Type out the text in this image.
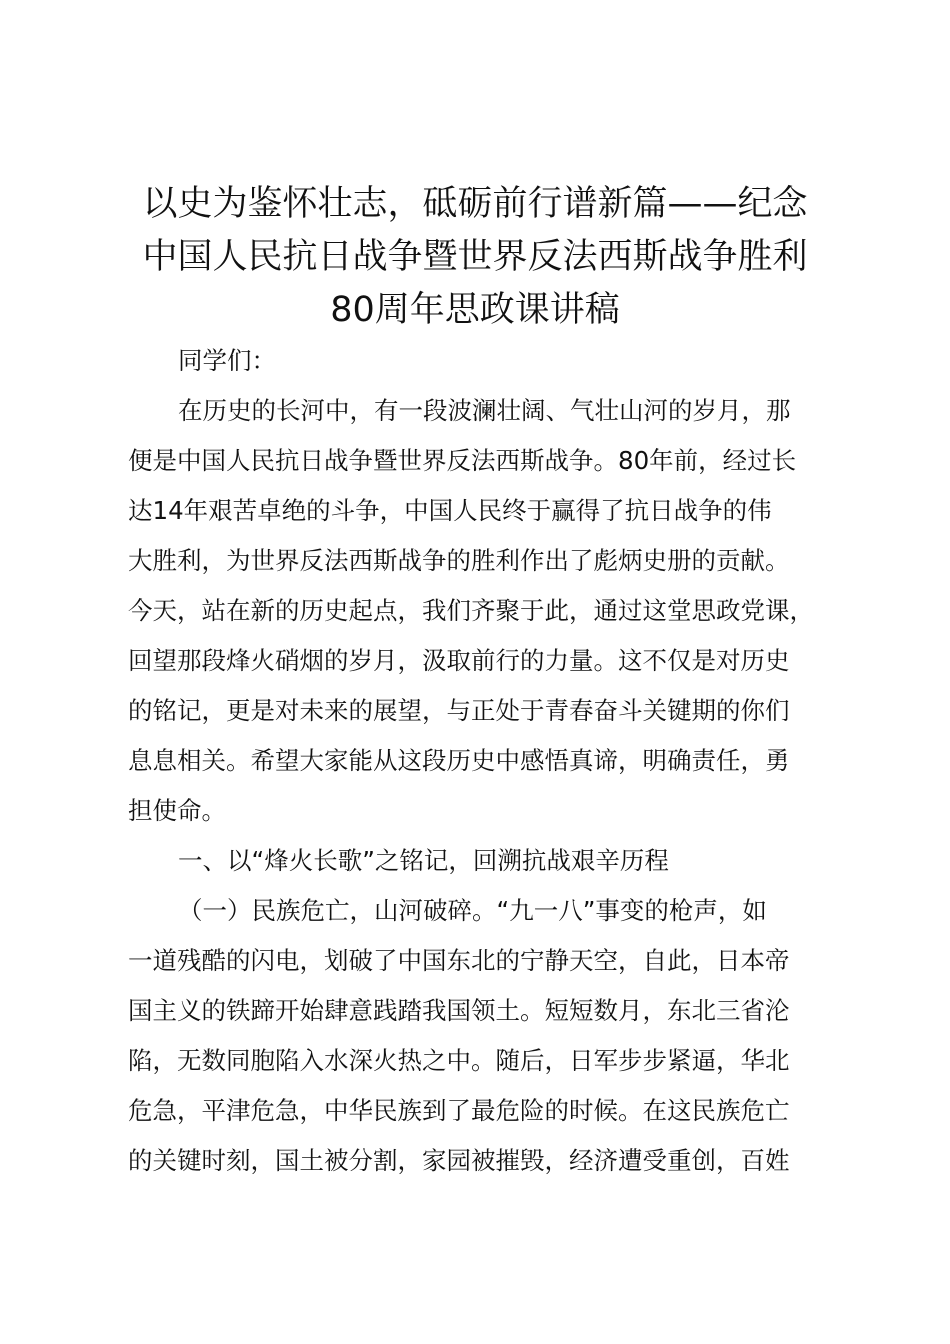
以史为鉴怀壮志，砥砺前行谱新篇——纪念
中国人民抗日战争暨世界反法西斯战争胜利
80周年思政课讲稿
同学们：
在历史的长河中，有一段波澜壮阔、气壮山河的岁月，那
便是中国人民抗日战争暨世界反法西斯战争。80年前，经过长
达14年艰苦卓绝的斗争，中国人民终于赢得了抗日战争的伟
大胜利，为世界反法西斯战争的胜利作出了彪炳史册的贡献。
今天，站在新的历史起点，我们齐聚于此，通过这堂思政党课，
回望那段烽火硝烟的岁月，汲取前行的力量。这不仅是对历史
的铭记，更是对未来的展望，与正处于青春奋斗关键期的你们
息息相关。希望大家能从这段历史中感悟真谛，明确责任，勇
担使命。
一、以“烽火长歌”之铭记，回溯抗战艰辛历程
（一）民族危亡，山河破碎。“九一八”事变的枪声，如
一道残酷的闪电，划破了中国东北的宁静天空，自此，日本帝
国主义的铁蹄开始肆意践踏我国领土。短短数月，东北三省沦
陷，无数同胞陷入水深火热之中。随后，日军步步紧逼，华北
危急，平津危急，中华民族到了最危险的时候。在这民族危亡
的关键时刻，国土被分割，家园被摧毁，经济遭受重创，百姓
